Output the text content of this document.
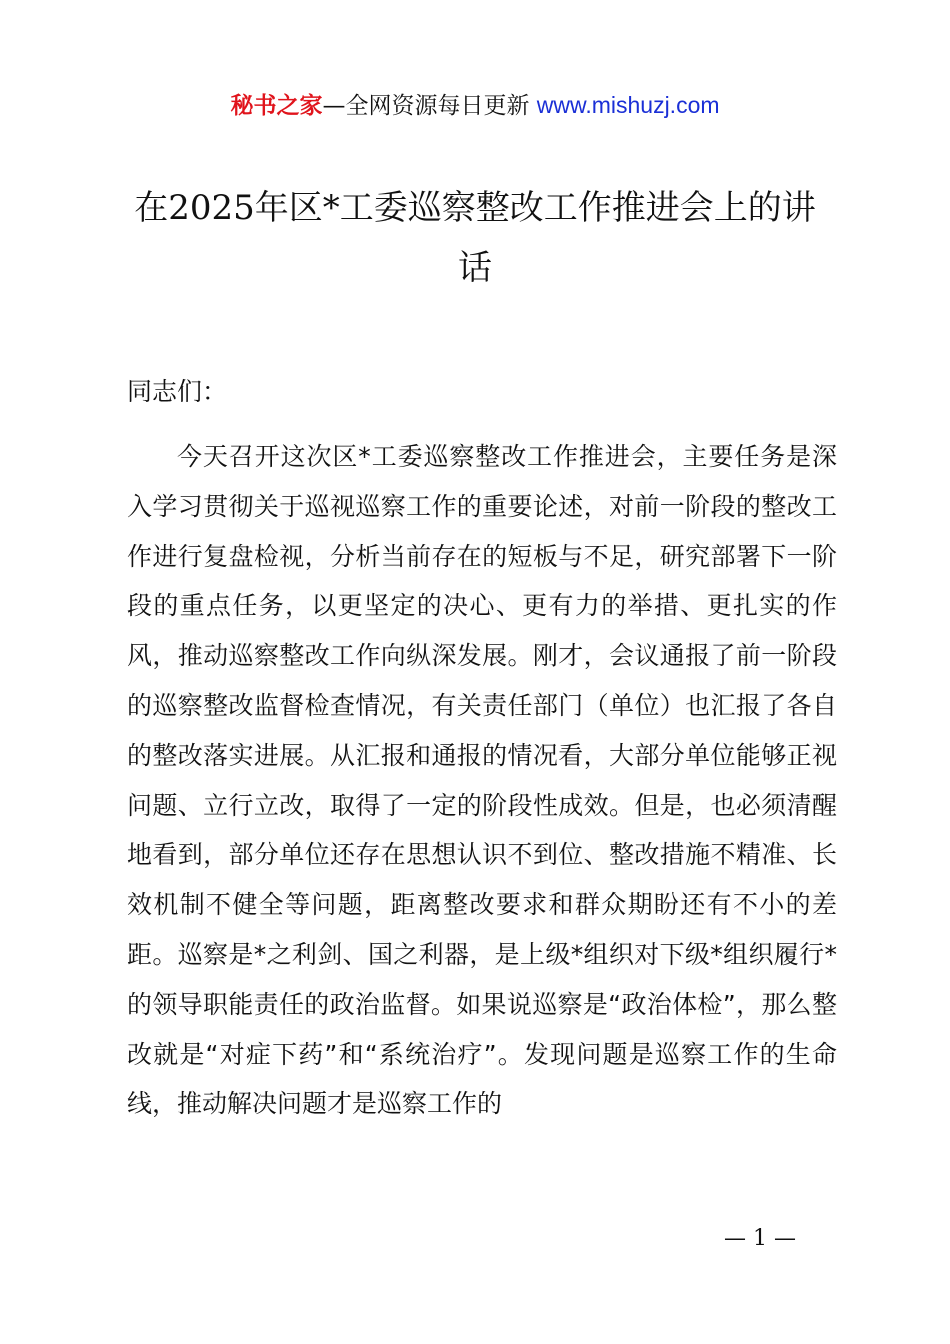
秘书之家—全网资源每日更新 www.mishuzj.com
在2025年区*工委巡察整改工作推进会上的讲话
同志们：

今天召开这次区*工委巡察整改工作推进会，主要任务是深入学习贯彻关于巡视巡察工作的重要论述，对前一阶段的整改工作进行复盘检视，分析当前存在的短板与不足，研究部署下一阶段的重点任务，以更坚定的决心、更有力的举措、更扎实的作风，推动巡察整改工作向纵深发展。刚才，会议通报了前一阶段的巡察整改监督检查情况，有关责任部门（单位）也汇报了各自的整改落实进展。从汇报和通报的情况看，大部分单位能够正视问题、立行立改，取得了一定的阶段性成效。但是，也必须清醒地看到，部分单位还存在思想认识不到位、整改措施不精准、长效机制不健全等问题，距离整改要求和群众期盼还有不小的差距。巡察是*之利剑、国之利器，是上级*组织对下级*组织履行*的领导职能责任的政治监督。如果说巡察是“政治体检”，那么整改就是“对症下药”和“系统治疗”。发现问题是巡察工作的生命线，推动解决问题才是巡察工作的

— 1 —
